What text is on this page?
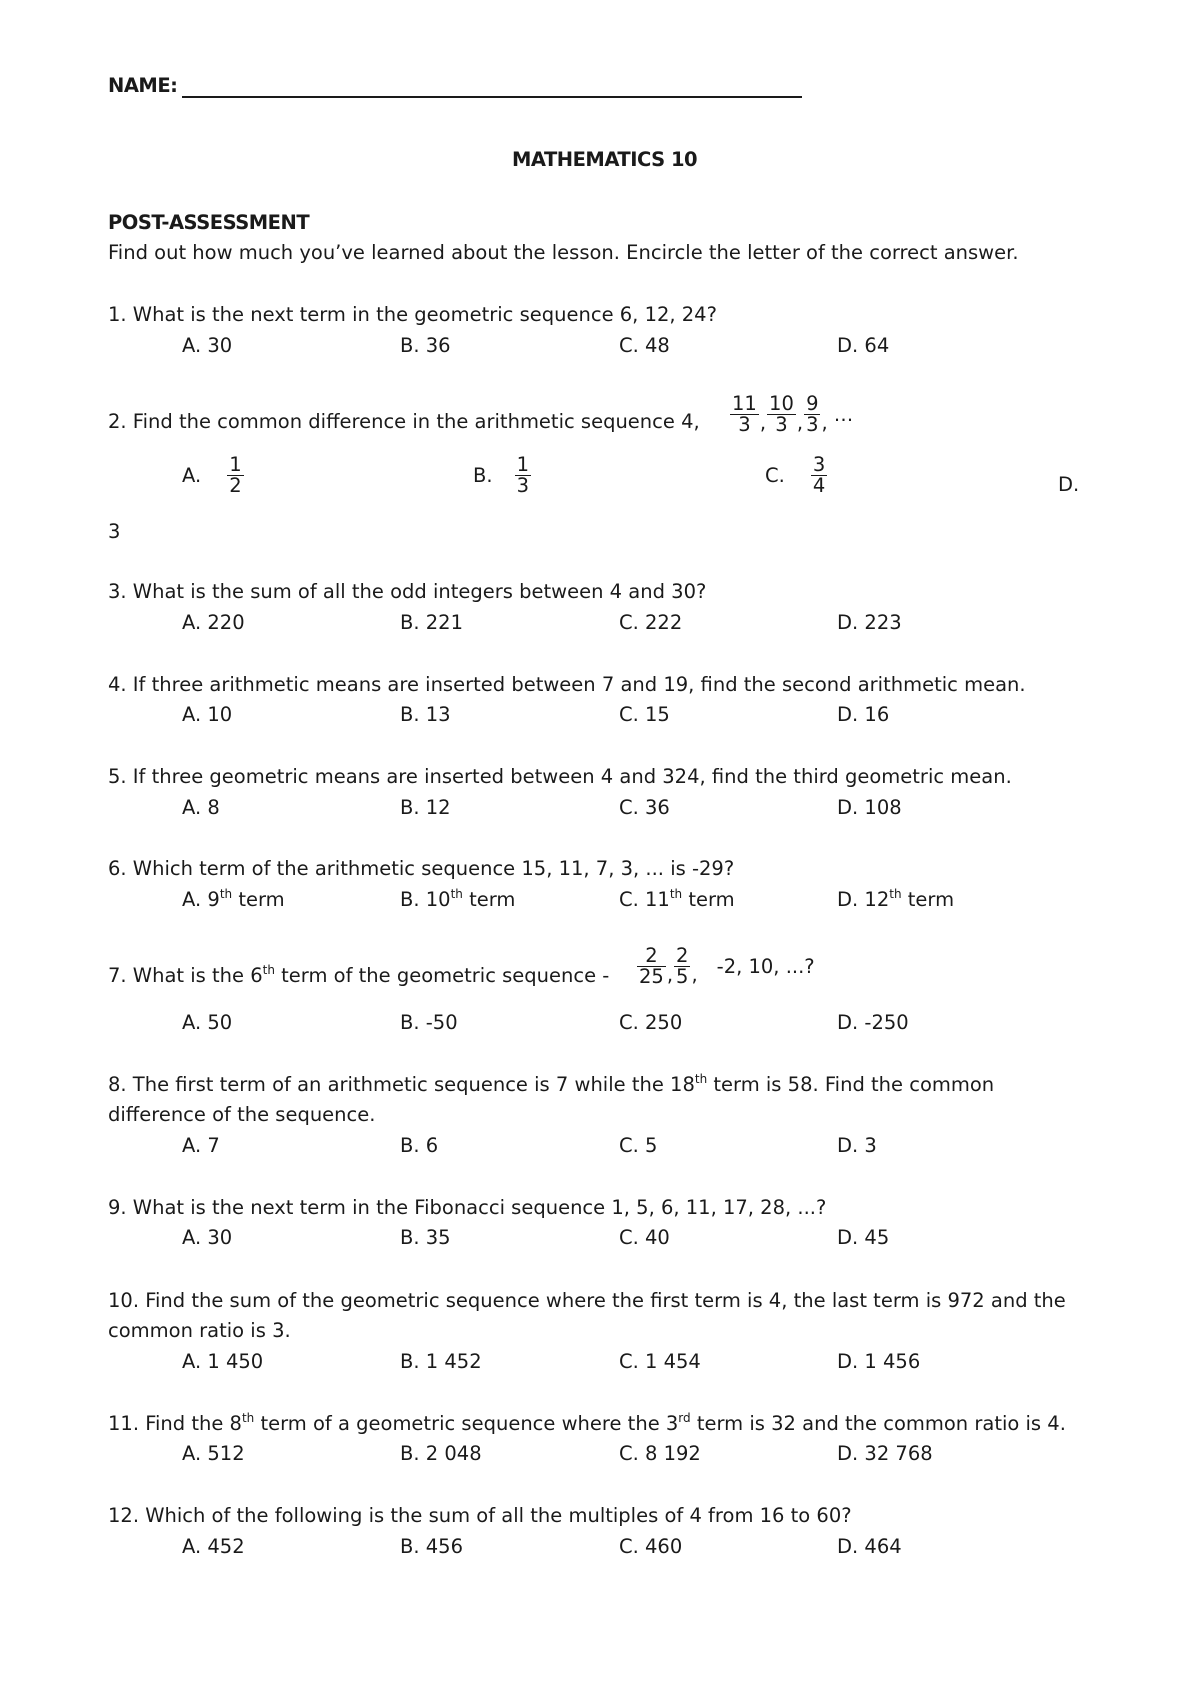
NAME:
MATHEMATICS 10
POST-ASSESSMENT
Find out how much you’ve learned about the lesson. Encircle the letter of the correct answer.
1. What is the next term in the geometric sequence 6, 12, 24?
A. 30	B. 36	C. 48	D. 64
2. Find the common difference in the arithmetic sequence 4, $\frac{11}{3}$ , $\frac{10}{3}$ , $\frac{9}{3}$ , …
A. $\frac{1}{2}$	B. $\frac{1}{3}$	C. $\frac{3}{4}$	D.
3
3. What is the sum of all the odd integers between 4 and 30?
A. 220	B. 221	C. 222	D. 223
4. If three arithmetic means are inserted between 7 and 19, find the second arithmetic mean.
A. 10	B. 13	C. 15	D. 16
5. If three geometric means are inserted between 4 and 324, find the third geometric mean.
A. 8	B. 12	C. 36	D. 108
6. Which term of the arithmetic sequence 15, 11, 7, 3, ... is -29?
A. 9th term	B. 10th term	C. 11th term	D. 12th term
7. What is the 6th term of the geometric sequence - $\frac{2}{25}$ , $\frac{2}{5}$ , -2, 10, ...?
A. 50	B. -50	C. 250	D. -250
8. The first term of an arithmetic sequence is 7 while the 18th term is 58. Find the common
difference of the sequence.
A. 7	B. 6	C. 5	D. 3
9. What is the next term in the Fibonacci sequence 1, 5, 6, 11, 17, 28, ...?
A. 30	B. 35	C. 40	D. 45
10. Find the sum of the geometric sequence where the first term is 4, the last term is 972 and the
common ratio is 3.
A. 1 450	B. 1 452	C. 1 454	D. 1 456
11. Find the 8th term of a geometric sequence where the 3rd term is 32 and the common ratio is 4.
A. 512	B. 2 048	C. 8 192	D. 32 768
12. Which of the following is the sum of all the multiples of 4 from 16 to 60?
A. 452	B. 456	C. 460	D. 464
